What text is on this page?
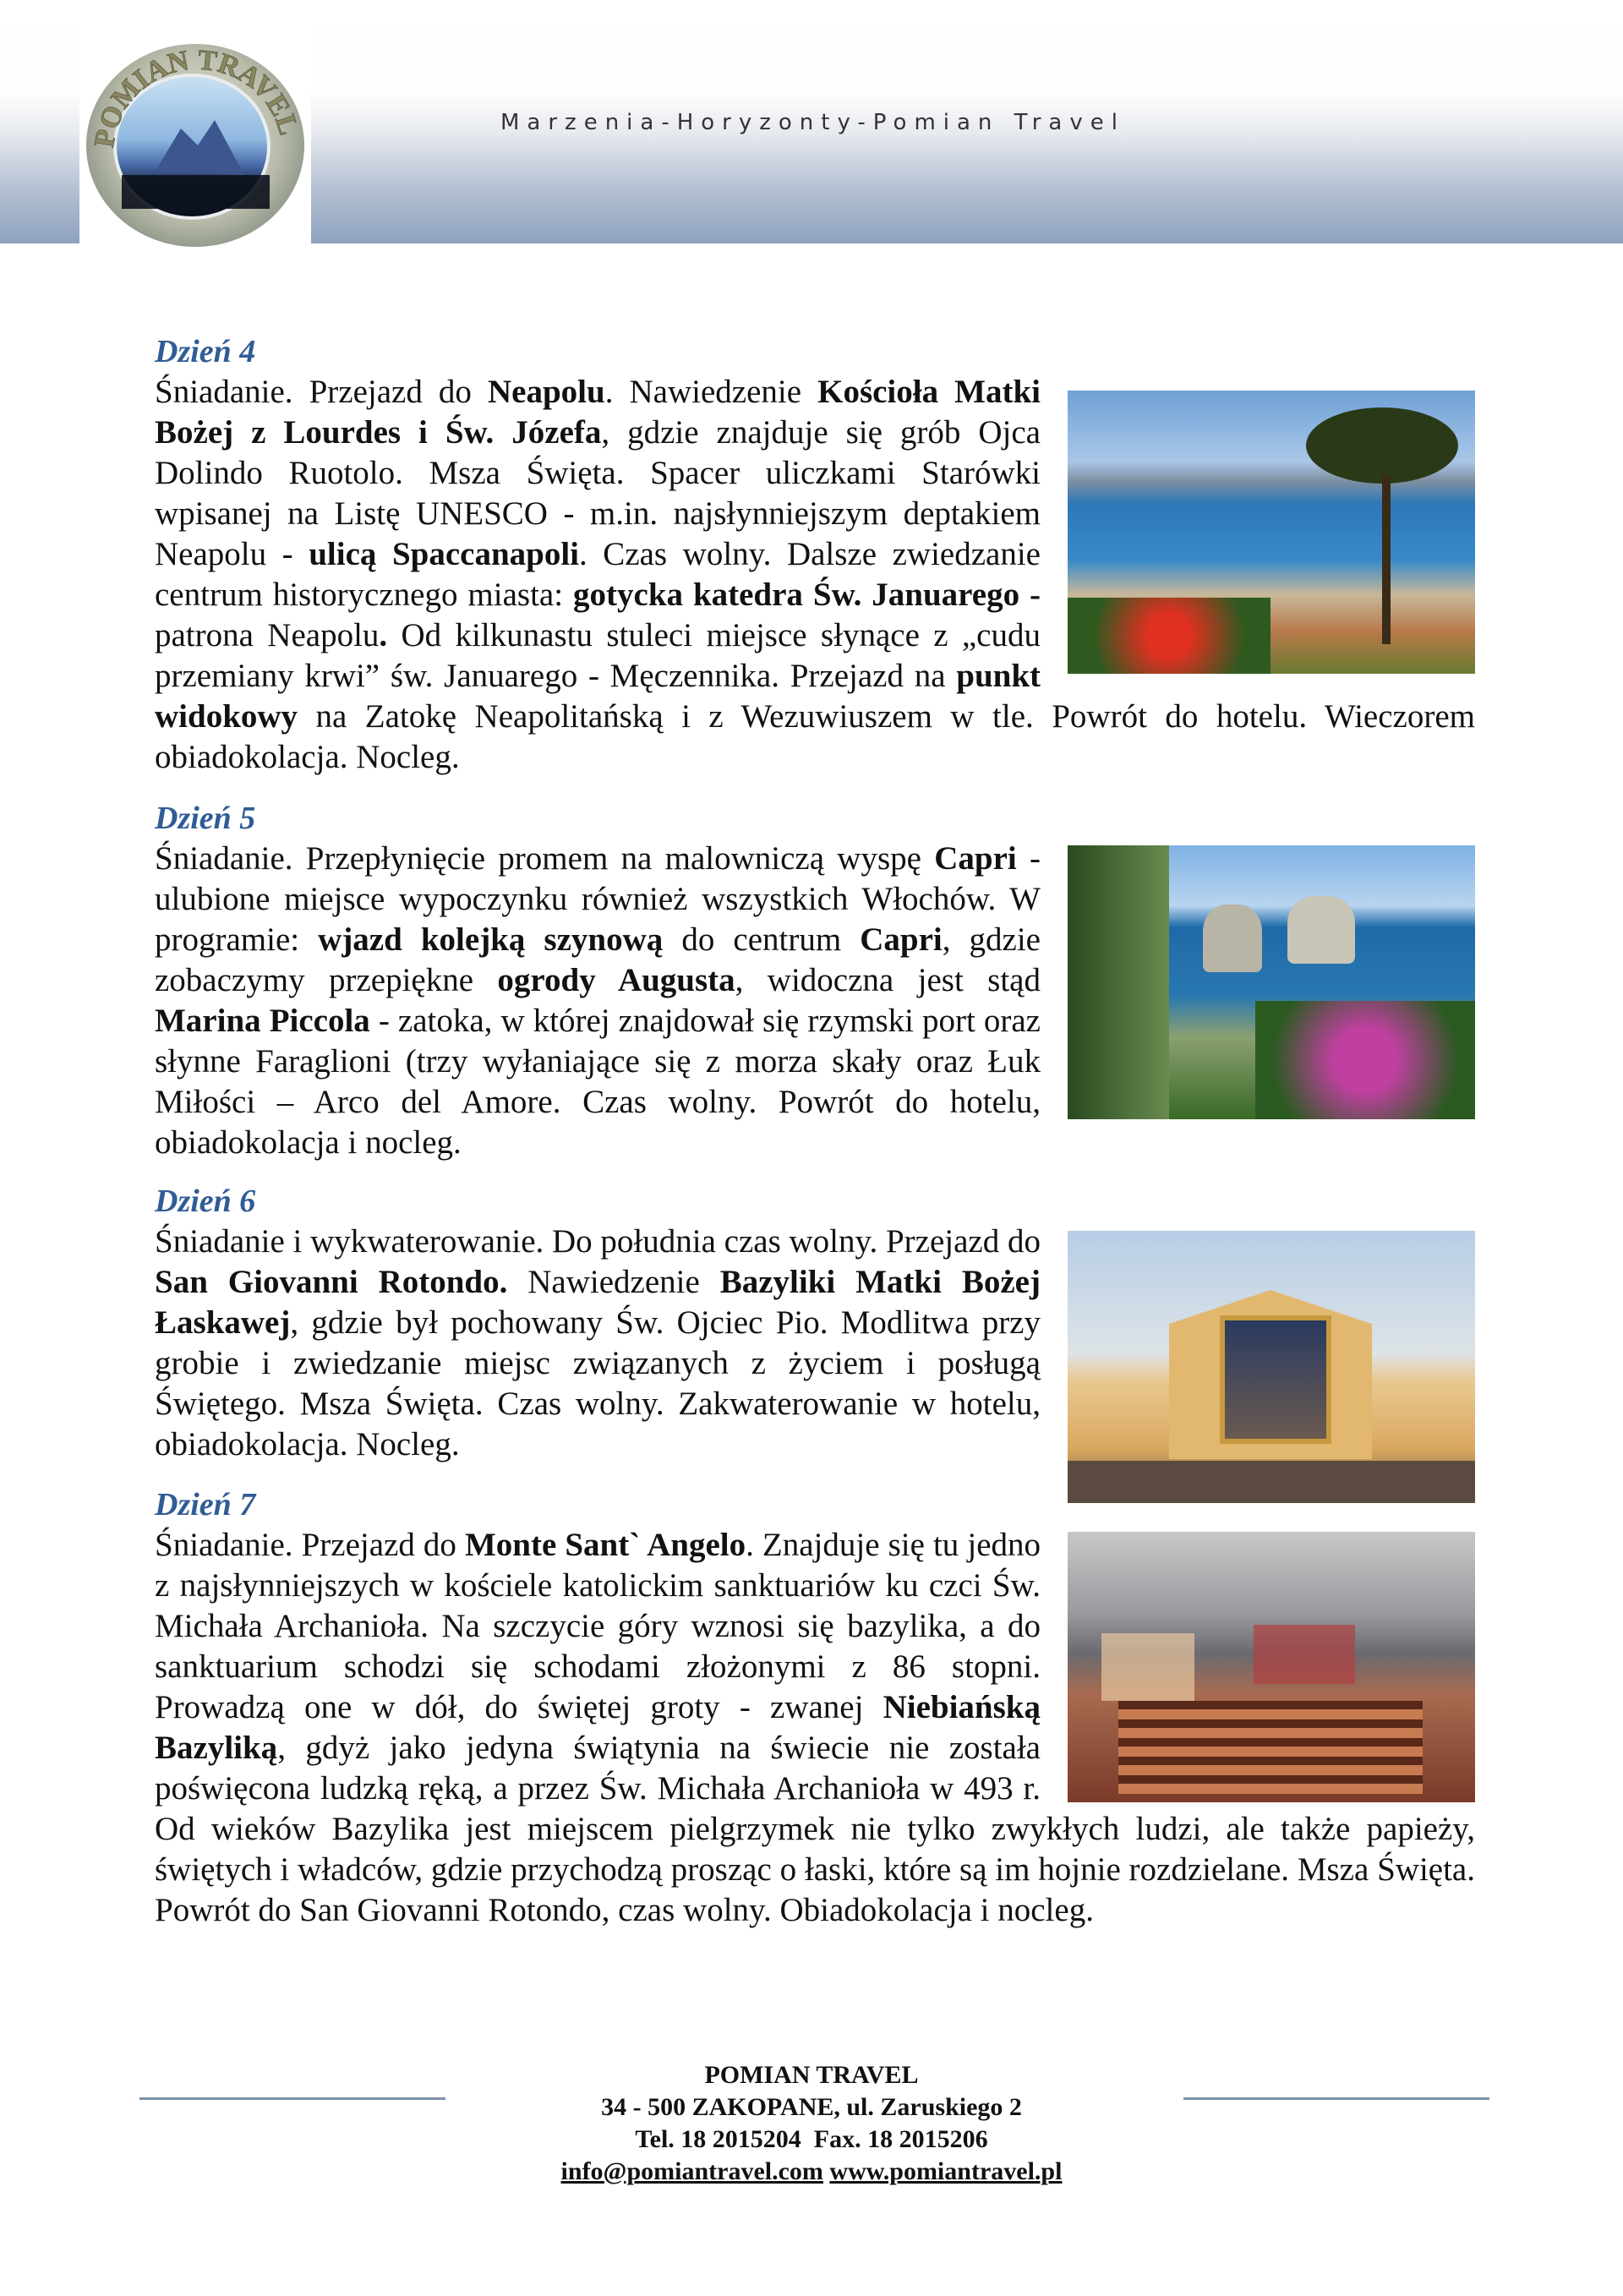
POMIAN TRAVEL	Marzenia-Horyzonty-Pomian Travel
Dzień 4

Śniadanie. Przejazd do Neapolu. Nawiedzenie Kościoła Matki Bożej z Lourdes i Św. Józefa, gdzie znajduje się grób Ojca Dolindo Ruotolo. Msza Święta. Spacer uliczkami Starówki wpisanej na Listę UNESCO - m.in. najsłynniejszym deptakiem Neapolu - ulicą Spaccanapoli. Czas wolny. Dalsze zwiedzanie centrum historycznego miasta: gotycka katedra Św. Januarego - patrona Neapolu. Od kilkunastu stuleci miejsce słynące z „cudu przemiany krwi” św. Januarego - Męczennika. Przejazd na punkt widokowy na Zatokę Neapolitańską i z Wezuwiuszem w tle. Powrót do hotelu. Wieczorem obiadokolacja. Nocleg.

Dzień 5

Śniadanie. Przepłynięcie promem na malowniczą wyspę Capri - ulubione miejsce wypoczynku również wszystkich Włochów. W programie: wjazd kolejką szynową do centrum Capri, gdzie zobaczymy przepiękne ogrody Augusta, widoczna jest stąd Marina Piccola - zatoka, w której znajdował się rzymski port oraz słynne Faraglioni (trzy wyłaniające się z morza skały oraz Łuk Miłości – Arco del Amore. Czas wolny. Powrót do hotelu, obiadokolacja i nocleg.

Dzień 6

Śniadanie i wykwaterowanie. Do południa czas wolny. Przejazd do San Giovanni Rotondo. Nawiedzenie Bazyliki Matki Bożej Łaskawej, gdzie był pochowany Św. Ojciec Pio. Modlitwa przy grobie i zwiedzanie miejsc związanych z życiem i posługą Świętego. Msza Święta. Czas wolny. Zakwaterowanie w hotelu, obiadokolacja. Nocleg.

Dzień 7

Śniadanie. Przejazd do Monte Sant` Angelo. Znajduje się tu jedno z najsłynniejszych w kościele katolickim sanktuariów ku czci Św. Michała Archanioła. Na szczycie góry wznosi się bazylika, a do sanktuarium schodzi się schodami złożonymi z 86 stopni. Prowadzą one w dół, do świętej groty - zwanej Niebiańską Bazyliką, gdyż jako jedyna świątynia na świecie nie została poświęcona ludzką ręką, a przez Św. Michała Archanioła w 493 r. Od wieków Bazylika jest miejscem pielgrzymek nie tylko zwykłych ludzi, ale także papieży, świętych i władców, gdzie przychodzą prosząc o łaski, które są im hojnie rozdzielane. Msza Święta. Powrót do San Giovanni Rotondo, czas wolny. Obiadokolacja i nocleg.

POMIAN TRAVEL
34 - 500 ZAKOPANE, ul. Zaruskiego 2
Tel. 18 2015204  Fax. 18 2015206
info@pomiantravel.com www.pomiantravel.pl
